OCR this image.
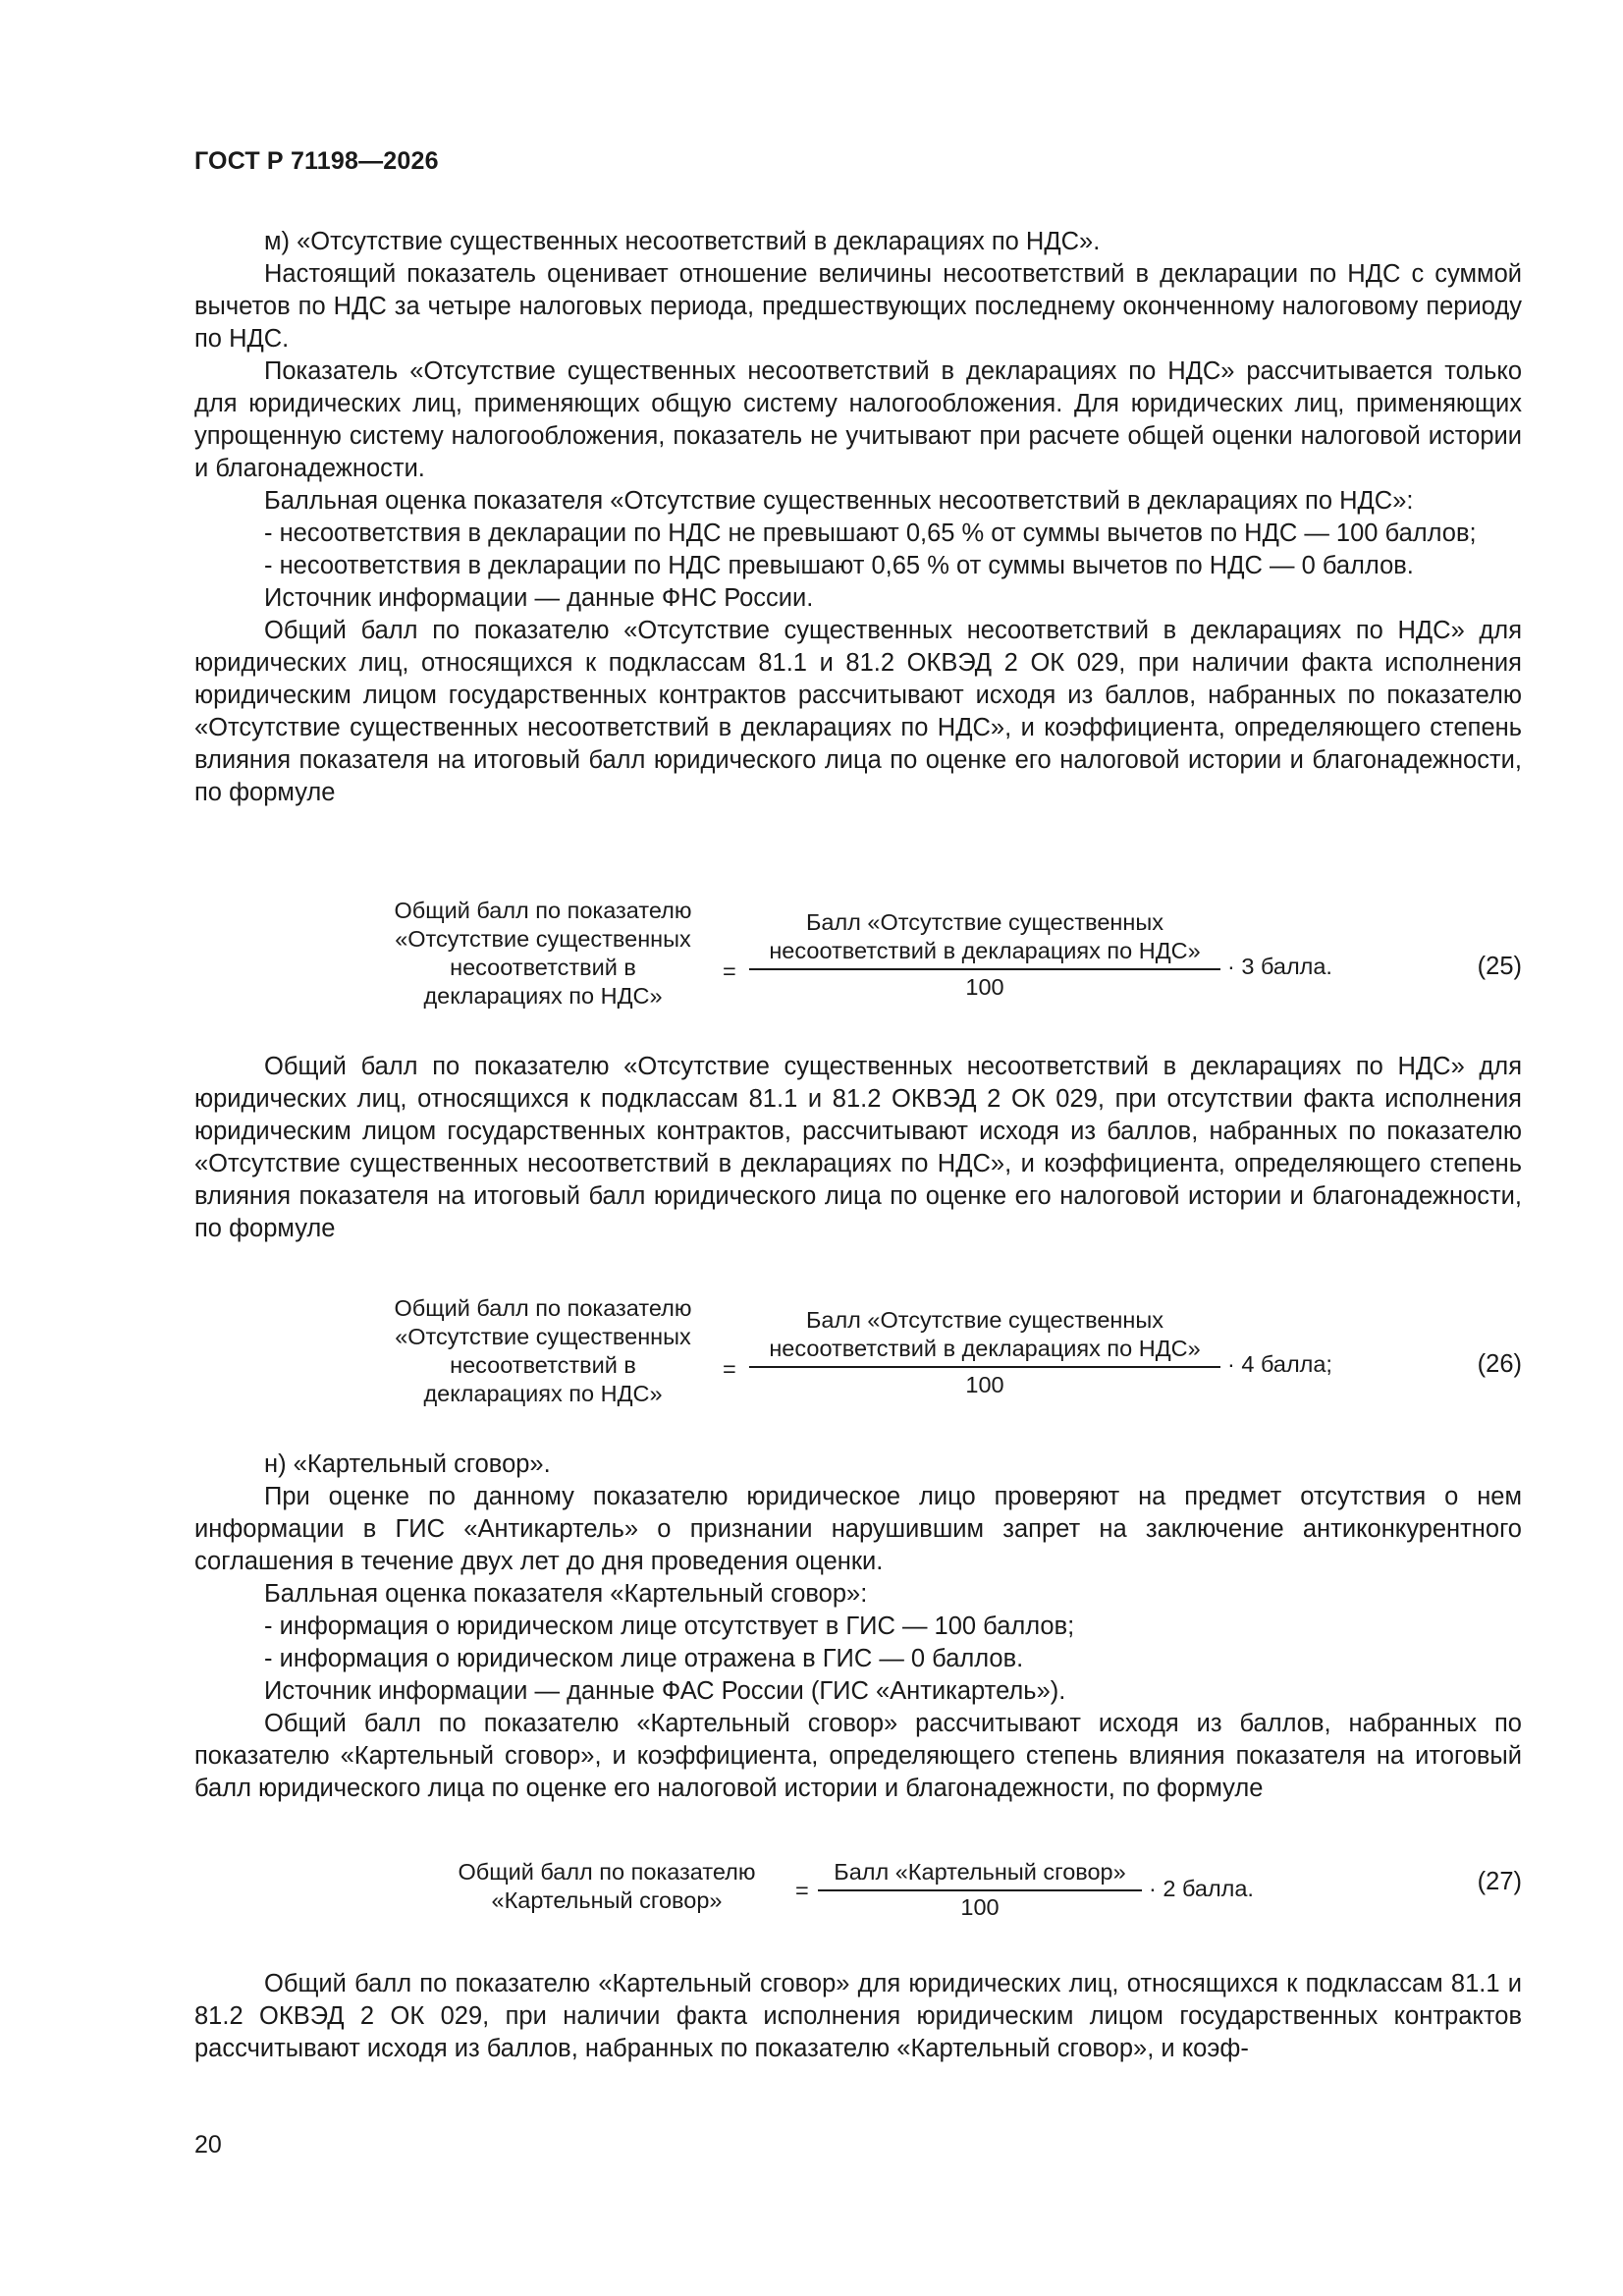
ГОСТ Р 71198—2026

м) «Отсутствие существенных несоответствий в декларациях по НДС».

Настоящий показатель оценивает отношение величины несоответствий в декларации по НДС с суммой вычетов по НДС за четыре налоговых периода, предшествующих последнему оконченному налоговому периоду по НДС.

Показатель «Отсутствие существенных несоответствий в декларациях по НДС» рассчитывается только для юридических лиц, применяющих общую систему налогообложения. Для юридических лиц, применяющих упрощенную систему налогообложения, показатель не учитывают при расчете общей оценки налоговой истории и благонадежности.

Балльная оценка показателя «Отсутствие существенных несоответствий в декларациях по НДС»:

- несоответствия в декларации по НДС не превышают 0,65 % от суммы вычетов по НДС — 100 баллов;

- несоответствия в декларации по НДС превышают 0,65 % от суммы вычетов по НДС — 0 баллов.

Источник информации — данные ФНС России.

Общий балл по показателю «Отсутствие существенных несоответствий в декларациях по НДС» для юридических лиц, относящихся к подклассам 81.1 и 81.2 ОКВЭД 2 ОК 029, при наличии факта исполнения юридическим лицом государственных контрактов рассчитывают исходя из баллов, набранных по показателю «Отсутствие существенных несоответствий в декларациях по НДС», и коэффициента, определяющего степень влияния показателя на итоговый балл юридического лица по оценке его налоговой истории и благонадежности, по формуле

Общий балл по показателю
«Отсутствие существенных
несоответствий в
декларациях по НДС»
=
Балл «Отсутствие существенных
несоответствий в декларациях по НДС»
100
· 3 балла.	(25)

Общий балл по показателю «Отсутствие существенных несоответствий в декларациях по НДС» для юридических лиц, относящихся к подклассам 81.1 и 81.2 ОКВЭД 2 ОК 029, при отсутствии факта исполнения юридическим лицом государственных контрактов, рассчитывают исходя из баллов, набранных по показателю «Отсутствие существенных несоответствий в декларациях по НДС», и коэффициента, определяющего степень влияния показателя на итоговый балл юридического лица по оценке его налоговой истории и благонадежности, по формуле

Общий балл по показателю
«Отсутствие существенных
несоответствий в
декларациях по НДС»
=
Балл «Отсутствие существенных
несоответствий в декларациях по НДС»
100
· 4 балла;	(26)

н) «Картельный сговор».

При оценке по данному показателю юридическое лицо проверяют на предмет отсутствия о нем информации в ГИС «Антикартель» о признании нарушившим запрет на заключение антиконкурентного соглашения в течение двух лет до дня проведения оценки.

Балльная оценка показателя «Картельный сговор»:

- информация о юридическом лице отсутствует в ГИС — 100 баллов;

- информация о юридическом лице отражена в ГИС — 0 баллов.

Источник информации — данные ФАС России (ГИС «Антикартель»).

Общий балл по показателю «Картельный сговор» рассчитывают исходя из баллов, набранных по показателю «Картельный сговор», и коэффициента, определяющего степень влияния показателя на итоговый балл юридического лица по оценке его налоговой истории и благонадежности, по формуле

Общий балл по показателю
«Картельный сговор»	=
Балл «Картельный сговор»
100
· 2 балла.	(27)

Общий балл по показателю «Картельный сговор» для юридических лиц, относящихся к подклассам 81.1 и 81.2 ОКВЭД 2 ОК 029, при наличии факта исполнения юридическим лицом государственных контрактов рассчитывают исходя из баллов, набранных по показателю «Картельный сговор», и коэф-

20
